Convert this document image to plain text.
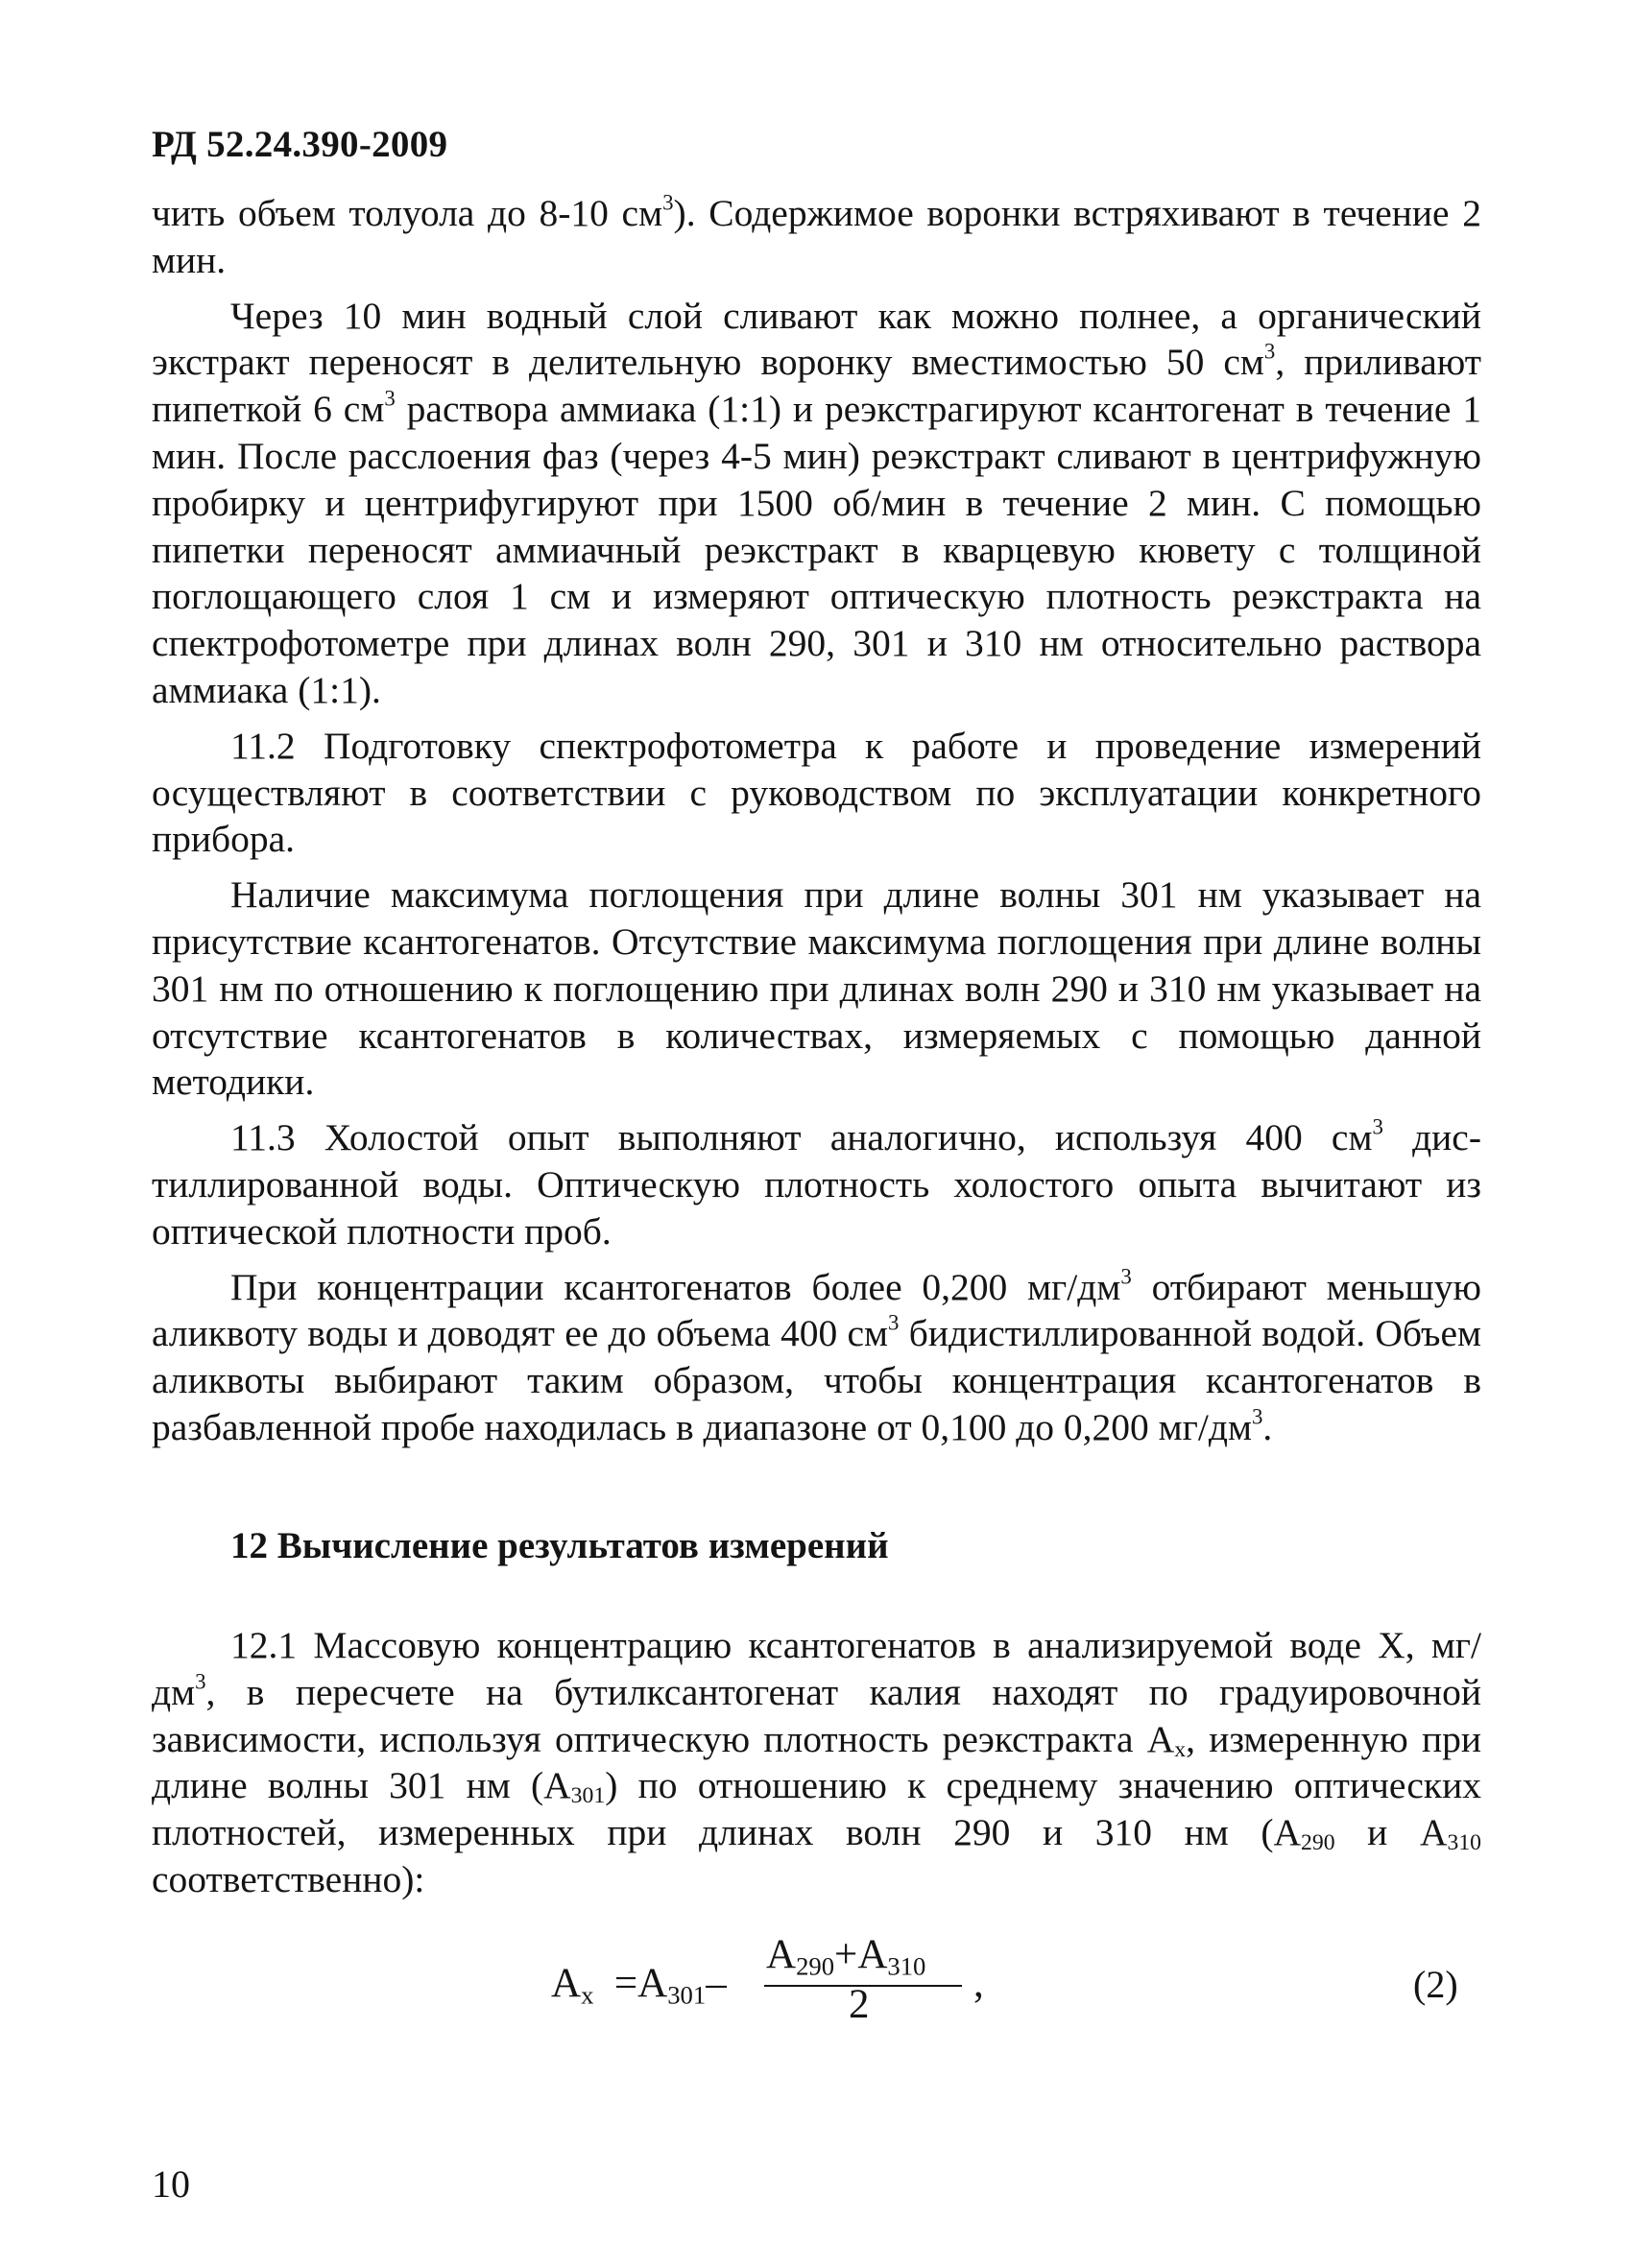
РД 52.24.390-2009

чить объем толуола до 8-10 $см^3$). Содержимое воронки встряхивают в течение 2 мин.

Через 10 мин водный слой сливают как можно полнее, а органический экстракт переносят в делительную воронку вместимостью 50 $см^3$, приливают пипеткой 6 $см^3$ раствора аммиака (1:1) и реэкстрагируют ксантогенат в течение 1 мин. После расслоения фаз (через 4-5 мин) реэкстракт сливают в центрифужную пробирку и центрифугируют при 1500 об/мин в течение 2 мин. С помощью пипетки переносят аммиачный реэкстракт в кварцевую кювету с толщиной поглощающего слоя 1 см и измеряют оптическую плотность реэкстракта на спектрофотометре при длинах волн 290, 301 и 310 нм относительно раствора аммиака (1:1).

11.2 Подготовку спектрофотометра к работе и проведение измерений осуществляют в соответствии с руководством по эксплуатации конкретного прибора.

Наличие максимума поглощения при длине волны 301 нм указывает на присутствие ксантогенатов. Отсутствие максимума поглощения при длине волны 301 нм по отношению к поглощению при длинах волн 290 и 310 нм указывает на отсутствие ксантогенатов в количествах, измеряемых с помощью данной методики.

11.3 Холостой опыт выполняют аналогично, используя 400 $см^3$ дистиллированной воды. Оптическую плотность холостого опыта вычитают из оптической плотности проб.

При концентрации ксантогенатов более 0,200 $мг/дм^3$ отбирают меньшую аликвоту воды и доводят ее до объема 400 $см^3$ бидистиллированной водой. Объем аликвоты выбирают таким образом, чтобы концентрация ксантогенатов в разбавленной пробе находилась в диапазоне от 0,100 до 0,200 $мг/дм^3$.

12 Вычисление результатов измерений

12.1 Массовую концентрацию ксантогенатов в анализируемой воде X, $мг/дм^3$, в пересчете на бутилксантогенат калия находят по градуировочной зависимости, используя оптическую плотность реэкстракта $A_x$, измеренную при длине волны 301 нм $(A_{301})$ по отношению к среднему значению оптических плотностей, измеренных при длинах волн 290 и 310 нм ($A_{290}$ и $A_{310}$ соответственно):

Ax  =A301–
A290+A310
2	,	(2)
10
